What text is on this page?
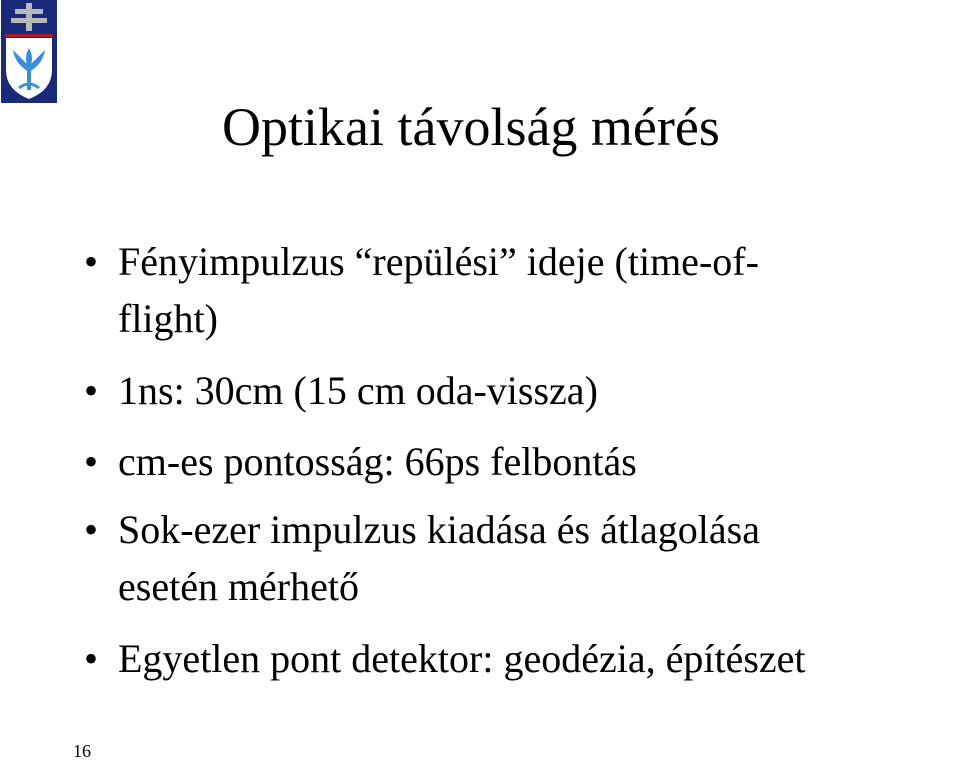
Optikai távolság mérés
• Fényimpulzus “repülési” ideje (time-of-
flight)
• 1ns: 30cm (15 cm oda-vissza)
• cm-es pontosság: 66ps felbontás
• Sok-ezer impulzus kiadása és átlagolása
esetén mérhető
• Egyetlen pont detektor: geodézia, építészet
16
